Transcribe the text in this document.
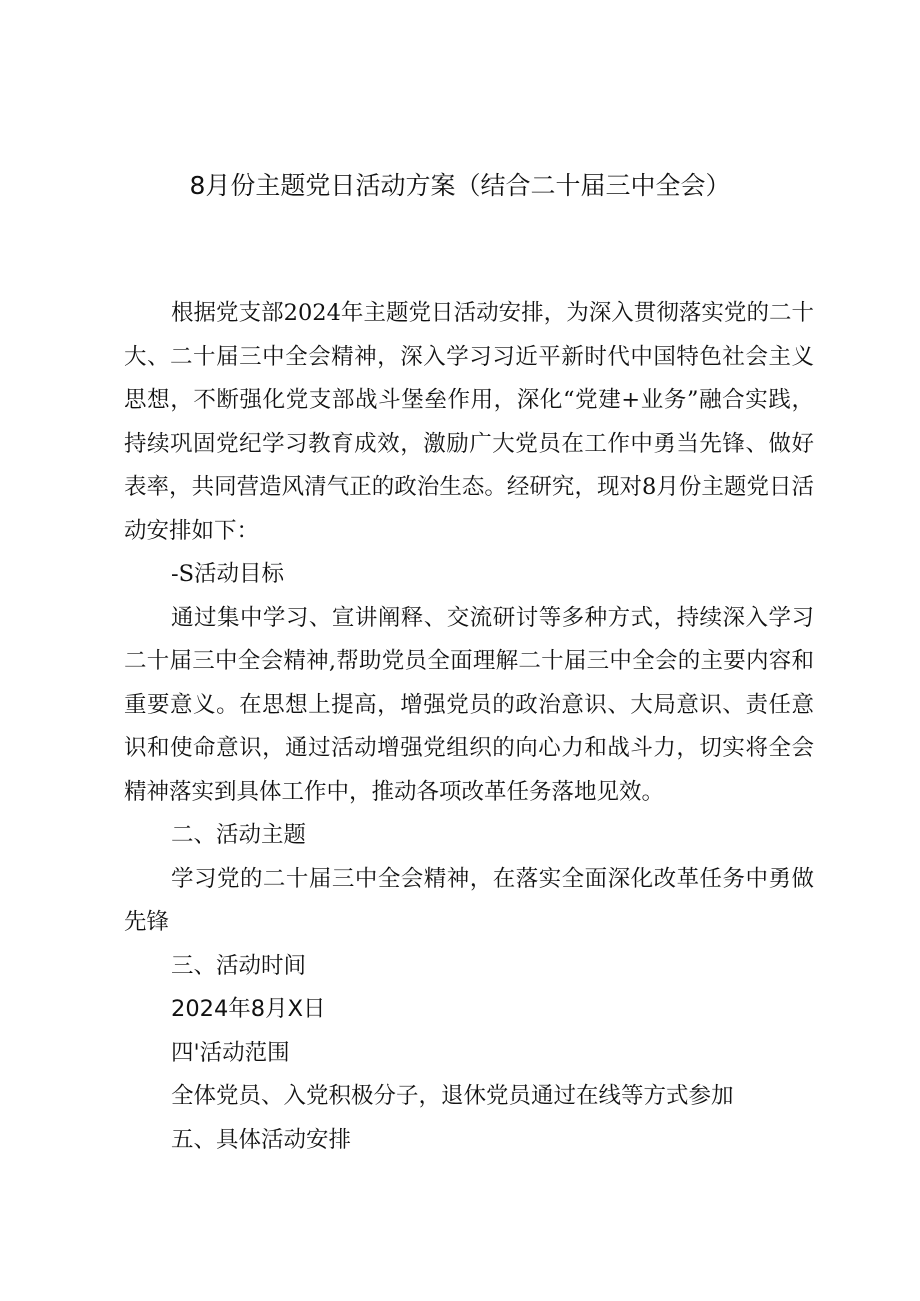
8月份主题党日活动方案（结合二十届三中全会）

根据党支部2024年主题党日活动安排，为深入贯彻落实党的二十大、二十届三中全会精神，深入学习习近平新时代中国特色社会主义思想，不断强化党支部战斗堡垒作用，深化“党建+业务”融合实践，持续巩固党纪学习教育成效，激励广大党员在工作中勇当先锋、做好表率，共同营造风清气正的政治生态。经研究，现对8月份主题党日活动安排如下：

-S活动目标

通过集中学习、宣讲阐释、交流研讨等多种方式，持续深入学习二十届三中全会精神,帮助党员全面理解二十届三中全会的主要内容和重要意义。在思想上提高，增强党员的政治意识、大局意识、责任意识和使命意识，通过活动增强党组织的向心力和战斗力，切实将全会精神落实到具体工作中，推动各项改革任务落地见效。

二、活动主题

学习党的二十届三中全会精神，在落实全面深化改革任务中勇做先锋

三、活动时间

2024年8月X日

四'活动范围

全体党员、入党积极分子，退休党员通过在线等方式参加

五、具体活动安排
